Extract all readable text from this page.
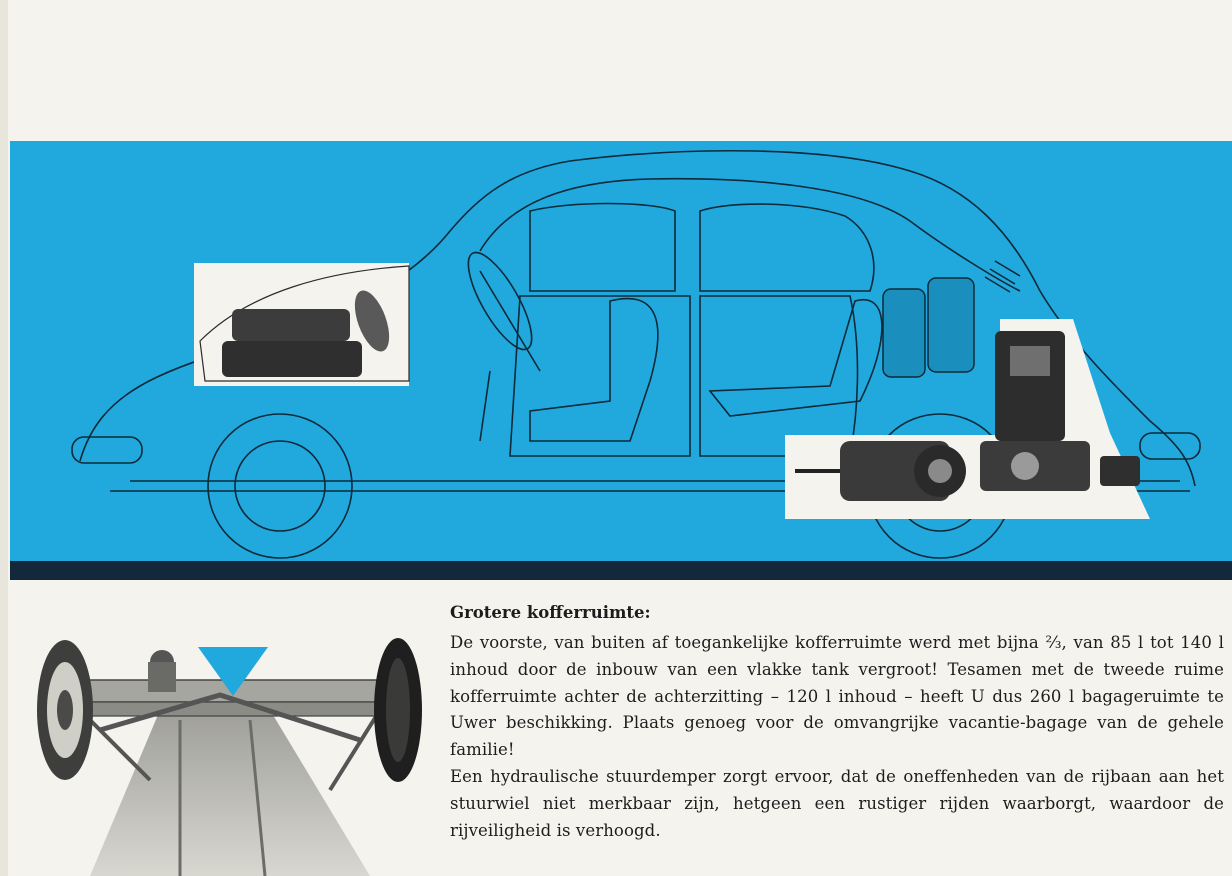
Grotere kofferruimte:

De voorste, van buiten af toegankelijke kofferruimte werd met bijna ⅔, van 85 l tot 140 l inhoud door de inbouw van een vlakke tank vergroot! Tesamen met de tweede ruime kofferruimte achter de achterzitting – 120 l inhoud – heeft U dus 260 l bagageruimte te Uwer beschikking. Plaats genoeg voor de omvangrijke vacantie-bagage van de gehele familie!

Een hydraulische stuurdemper zorgt ervoor, dat de oneffenheden van de rijbaan aan het stuurwiel niet merkbaar zijn, hetgeen een rustiger rijden waarborgt, waardoor de rijveiligheid is verhoogd.
